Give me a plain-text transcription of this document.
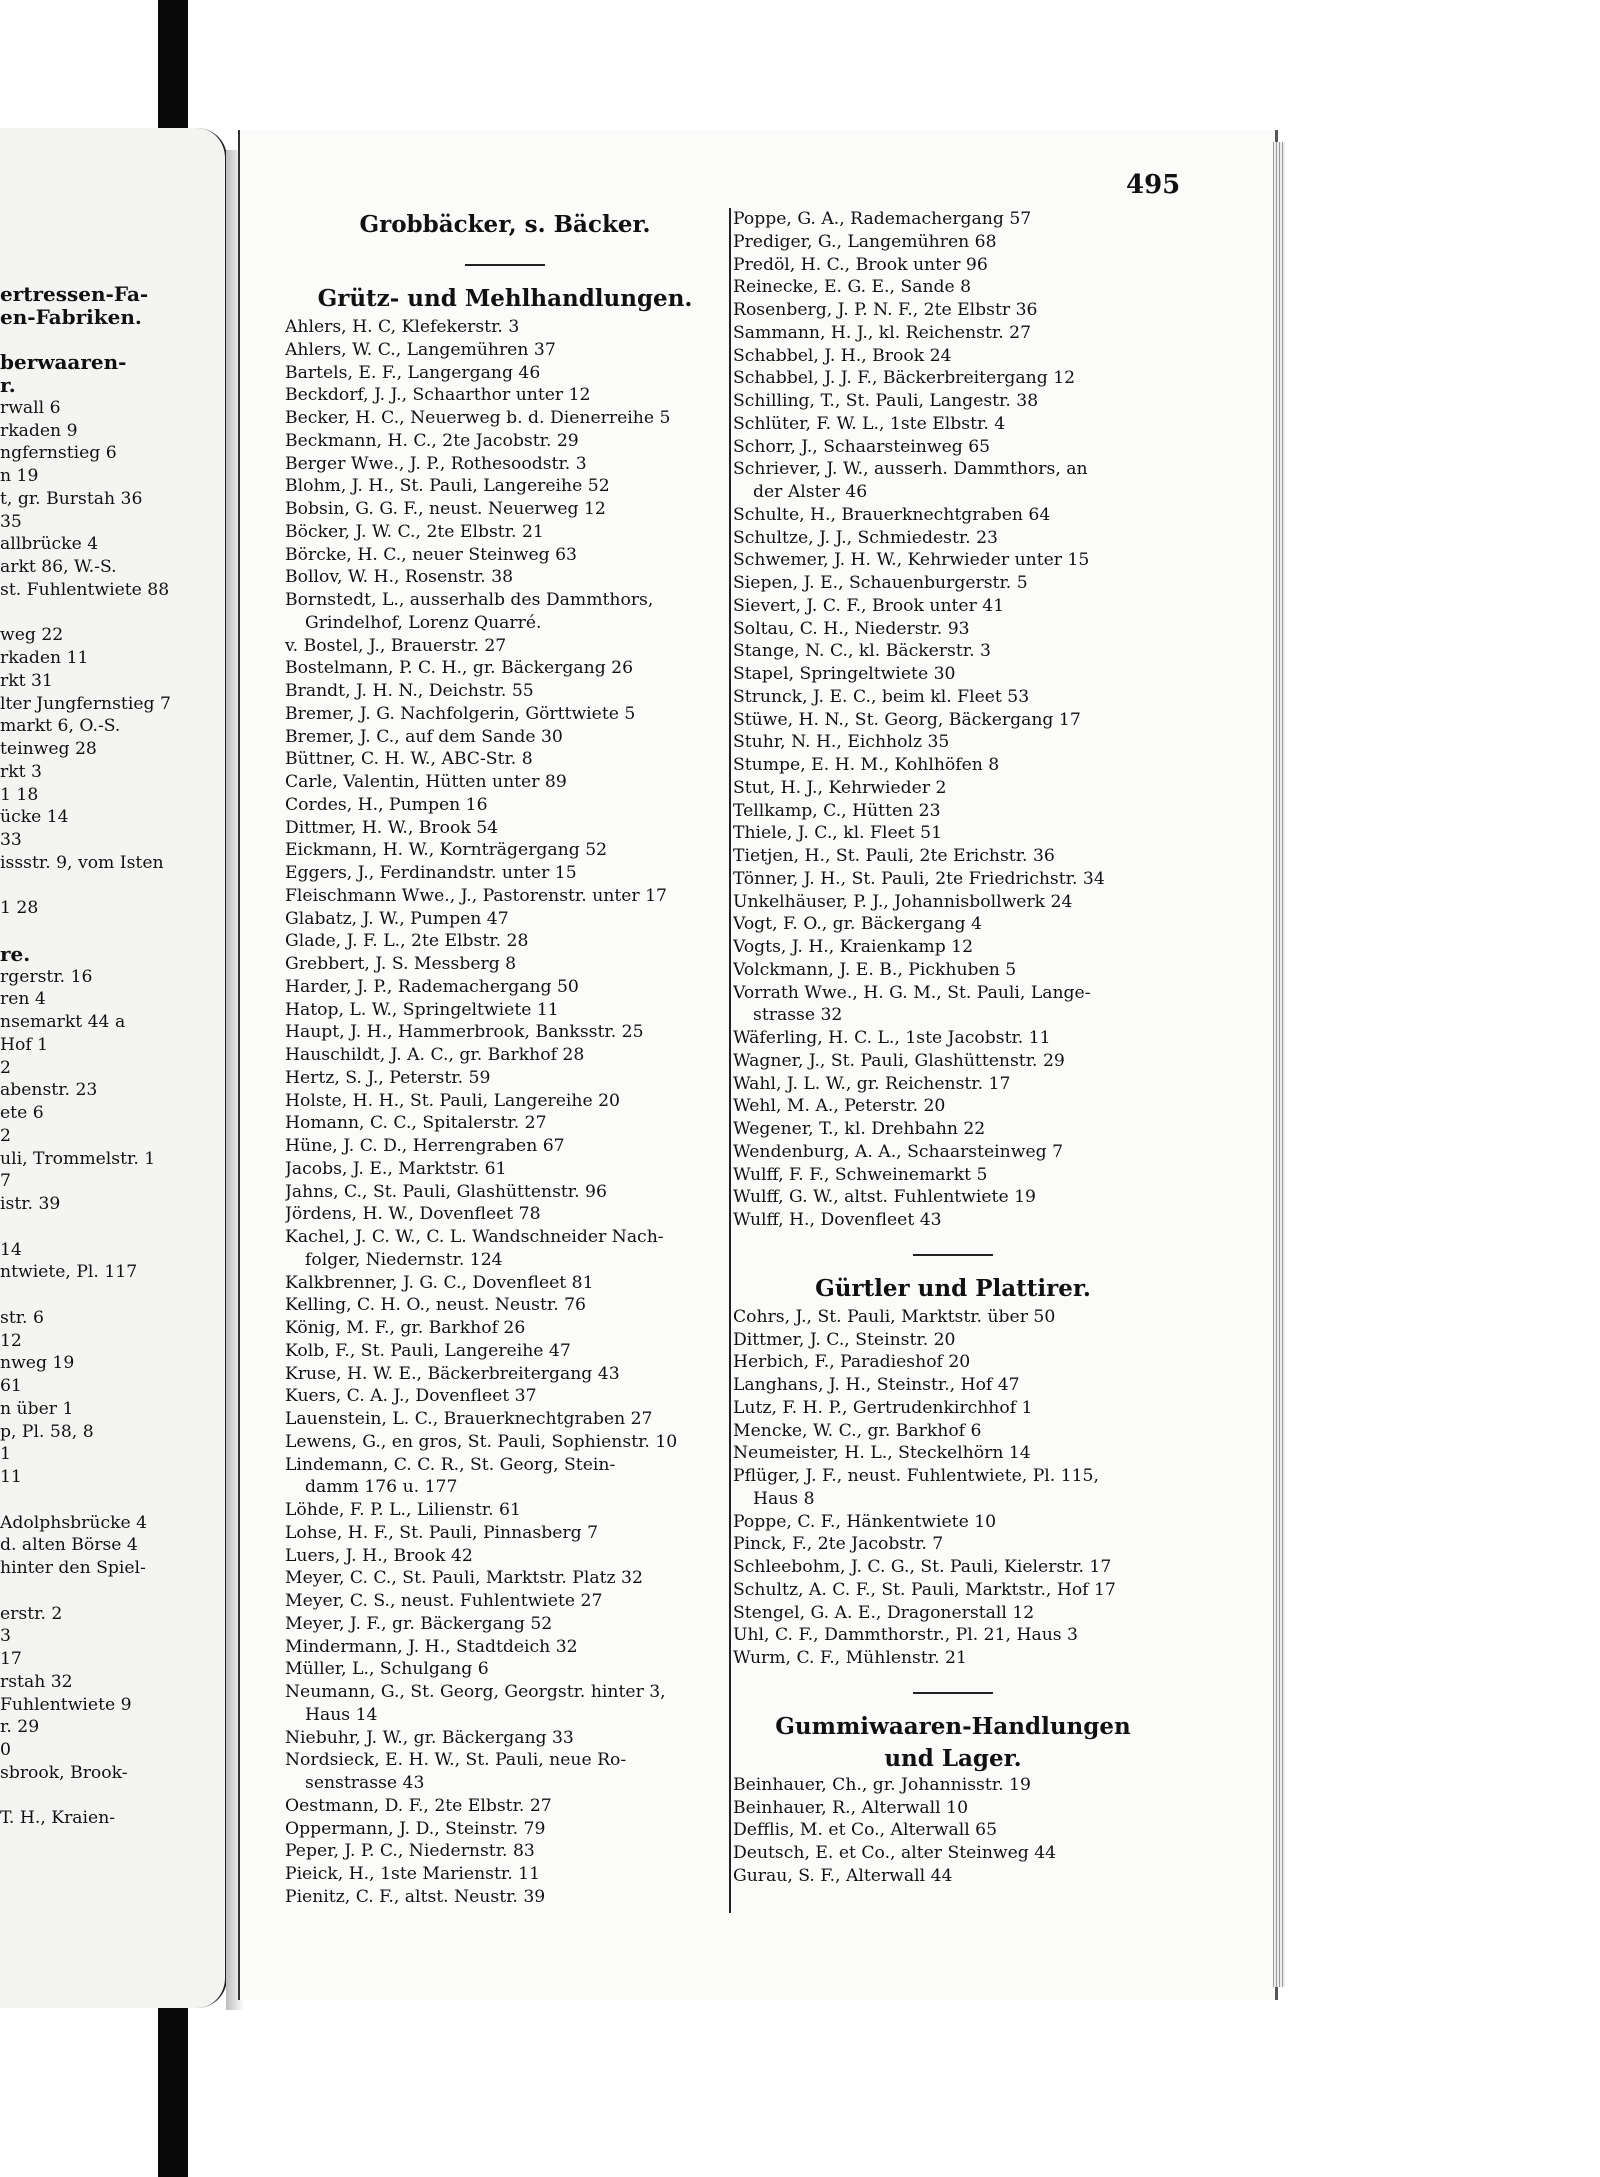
ertressen-Fa-
en-Fabriken.
berwaaren-
r.
rwall 6
rkaden 9
ngfernstieg 6
n 19
t, gr. Burstah 36
35
allbrücke 4
arkt 86, W.-S.
st. Fuhlentwiete 88
weg 22
rkaden 11
rkt 31
lter Jungfernstieg 7
markt 6, O.-S.
teinweg 28
rkt 3
1 18
ücke 14
33
issstr. 9, vom Isten
1 28
re.
rgerstr. 16
ren 4
nsemarkt 44 a
Hof 1
2
abenstr. 23
ete 6
2
uli, Trommelstr. 1
7
istr. 39
14
ntwiete, Pl. 117
str. 6
12
nweg 19
61
n über 1
p, Pl. 58, 8
1
11
Adolphsbrücke 4
d. alten Börse 4
hinter den Spiel-
erstr. 2
3
17
rstah 32
Fuhlentwiete 9
r. 29
0
sbrook, Brook-
T. H., Kraien-
495
Grobbäcker, s. Bäcker.
Grütz- und Mehlhandlungen.
Ahlers, H. C, Klefekerstr. 3
Ahlers, W. C., Langemühren 37
Bartels, E. F., Langergang 46
Beckdorf, J. J., Schaarthor unter 12
Becker, H. C., Neuerweg b. d. Dienerreihe 5
Beckmann, H. C., 2te Jacobstr. 29
Berger Wwe., J. P., Rothesoodstr. 3
Blohm, J. H., St. Pauli, Langereihe 52
Bobsin, G. G. F., neust. Neuerweg 12
Böcker, J. W. C., 2te Elbstr. 21
Börcke, H. C., neuer Steinweg 63
Bollov, W. H., Rosenstr. 38
Bornstedt, L., ausserhalb des Dammthors,
Grindelhof, Lorenz Quarré.
v. Bostel, J., Brauerstr. 27
Bostelmann, P. C. H., gr. Bäckergang 26
Brandt, J. H. N., Deichstr. 55
Bremer, J. G. Nachfolgerin, Görttwiete 5
Bremer, J. C., auf dem Sande 30
Büttner, C. H. W., ABC-Str. 8
Carle, Valentin, Hütten unter 89
Cordes, H., Pumpen 16
Dittmer, H. W., Brook 54
Eickmann, H. W., Kornträgergang 52
Eggers, J., Ferdinandstr. unter 15
Fleischmann Wwe., J., Pastorenstr. unter 17
Glabatz, J. W., Pumpen 47
Glade, J. F. L., 2te Elbstr. 28
Grebbert, J. S. Messberg 8
Harder, J. P., Rademachergang 50
Hatop, L. W., Springeltwiete 11
Haupt, J. H., Hammerbrook, Banksstr. 25
Hauschildt, J. A. C., gr. Barkhof 28
Hertz, S. J., Peterstr. 59
Holste, H. H., St. Pauli, Langereihe 20
Homann, C. C., Spitalerstr. 27
Hüne, J. C. D., Herrengraben 67
Jacobs, J. E., Marktstr. 61
Jahns, C., St. Pauli, Glashüttenstr. 96
Jördens, H. W., Dovenfleet 78
Kachel, J. C. W., C. L. Wandschneider Nach-
folger, Niedernstr. 124
Kalkbrenner, J. G. C., Dovenfleet 81
Kelling, C. H. O., neust. Neustr. 76
König, M. F., gr. Barkhof 26
Kolb, F., St. Pauli, Langereihe 47
Kruse, H. W. E., Bäckerbreitergang 43
Kuers, C. A. J., Dovenfleet 37
Lauenstein, L. C., Brauerknechtgraben 27
Lewens, G., en gros, St. Pauli, Sophienstr. 10
Lindemann, C. C. R., St. Georg, Stein-
damm 176 u. 177
Löhde, F. P. L., Lilienstr. 61
Lohse, H. F., St. Pauli, Pinnasberg 7
Luers, J. H., Brook 42
Meyer, C. C., St. Pauli, Marktstr. Platz 32
Meyer, C. S., neust. Fuhlentwiete 27
Meyer, J. F., gr. Bäckergang 52
Mindermann, J. H., Stadtdeich 32
Müller, L., Schulgang 6
Neumann, G., St. Georg, Georgstr. hinter 3,
Haus 14
Niebuhr, J. W., gr. Bäckergang 33
Nordsieck, E. H. W., St. Pauli, neue Ro-
senstrasse 43
Oestmann, D. F., 2te Elbstr. 27
Oppermann, J. D., Steinstr. 79
Peper, J. P. C., Niedernstr. 83
Pieick, H., 1ste Marienstr. 11
Pienitz, C. F., altst. Neustr. 39
Poppe, G. A., Rademachergang 57
Prediger, G., Langemühren 68
Predöl, H. C., Brook unter 96
Reinecke, E. G. E., Sande 8
Rosenberg, J. P. N. F., 2te Elbstr 36
Sammann, H. J., kl. Reichenstr. 27
Schabbel, J. H., Brook 24
Schabbel, J. J. F., Bäckerbreitergang 12
Schilling, T., St. Pauli, Langestr. 38
Schlüter, F. W. L., 1ste Elbstr. 4
Schorr, J., Schaarsteinweg 65
Schriever, J. W., ausserh. Dammthors, an
der Alster 46
Schulte, H., Brauerknechtgraben 64
Schultze, J. J., Schmiedestr. 23
Schwemer, J. H. W., Kehrwieder unter 15
Siepen, J. E., Schauenburgerstr. 5
Sievert, J. C. F., Brook unter 41
Soltau, C. H., Niederstr. 93
Stange, N. C., kl. Bäckerstr. 3
Stapel, Springeltwiete 30
Strunck, J. E. C., beim kl. Fleet 53
Stüwe, H. N., St. Georg, Bäckergang 17
Stuhr, N. H., Eichholz 35
Stumpe, E. H. M., Kohlhöfen 8
Stut, H. J., Kehrwieder 2
Tellkamp, C., Hütten 23
Thiele, J. C., kl. Fleet 51
Tietjen, H., St. Pauli, 2te Erichstr. 36
Tönner, J. H., St. Pauli, 2te Friedrichstr. 34
Unkelhäuser, P. J., Johannisbollwerk 24
Vogt, F. O., gr. Bäckergang 4
Vogts, J. H., Kraienkamp 12
Volckmann, J. E. B., Pickhuben 5
Vorrath Wwe., H. G. M., St. Pauli, Lange-
strasse 32
Wäferling, H. C. L., 1ste Jacobstr. 11
Wagner, J., St. Pauli, Glashüttenstr. 29
Wahl, J. L. W., gr. Reichenstr. 17
Wehl, M. A., Peterstr. 20
Wegener, T., kl. Drehbahn 22
Wendenburg, A. A., Schaarsteinweg 7
Wulff, F. F., Schweinemarkt 5
Wulff, G. W., altst. Fuhlentwiete 19
Wulff, H., Dovenfleet 43
Gürtler und Plattirer.
Cohrs, J., St. Pauli, Marktstr. über 50
Dittmer, J. C., Steinstr. 20
Herbich, F., Paradieshof 20
Langhans, J. H., Steinstr., Hof 47
Lutz, F. H. P., Gertrudenkirchhof 1
Mencke, W. C., gr. Barkhof 6
Neumeister, H. L., Steckelhörn 14
Pflüger, J. F., neust. Fuhlentwiete, Pl. 115,
Haus 8
Poppe, C. F., Hänkentwiete 10
Pinck, F., 2te Jacobstr. 7
Schleebohm, J. C. G., St. Pauli, Kielerstr. 17
Schultz, A. C. F., St. Pauli, Marktstr., Hof 17
Stengel, G. A. E., Dragonerstall 12
Uhl, C. F., Dammthorstr., Pl. 21, Haus 3
Wurm, C. F., Mühlenstr. 21
Gummiwaaren-Handlungen
und Lager.
Beinhauer, Ch., gr. Johannisstr. 19
Beinhauer, R., Alterwall 10
Defflis, M. et Co., Alterwall 65
Deutsch, E. et Co., alter Steinweg 44
Gurau, S. F., Alterwall 44
